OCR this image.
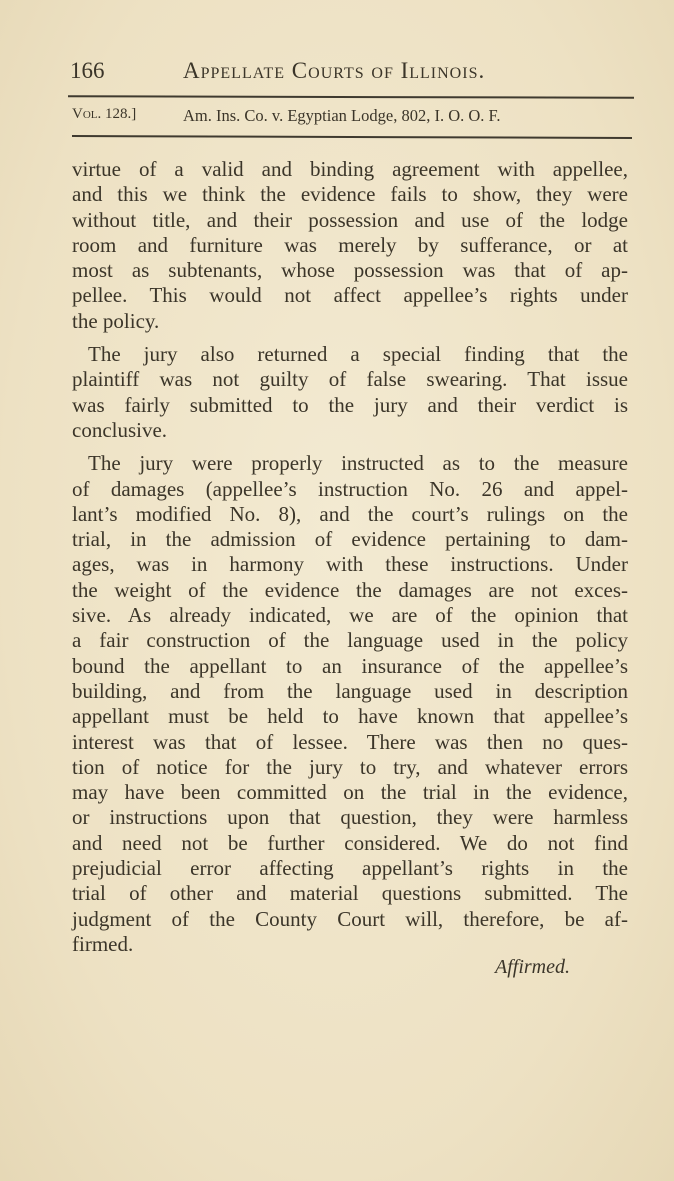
166	Appellate Courts of Illinois.
Vol. 128.]	Am. Ins. Co. v. Egyptian Lodge, 802, I. O. O. F.
virtue of a valid and binding agreement with appellee,
and this we think the evidence fails to show, they were
without title, and their possession and use of the lodge
room and furniture was merely by sufferance, or at
most as subtenants, whose possession was that of ap-
pellee. This would not affect appellee’s rights under
the policy.
The jury also returned a special finding that the
plaintiff was not guilty of false swearing. That issue
was fairly submitted to the jury and their verdict is
conclusive.
The jury were properly instructed as to the measure
of damages (appellee’s instruction No. 26 and appel-
lant’s modified No. 8), and the court’s rulings on the
trial, in the admission of evidence pertaining to dam-
ages, was in harmony with these instructions. Under
the weight of the evidence the damages are not exces-
sive. As already indicated, we are of the opinion that
a fair construction of the language used in the policy
bound the appellant to an insurance of the appellee’s
building, and from the language used in description
appellant must be held to have known that appellee’s
interest was that of lessee. There was then no ques-
tion of notice for the jury to try, and whatever errors
may have been committed on the trial in the evidence,
or instructions upon that question, they were harmless
and need not be further considered. We do not find
prejudicial error affecting appellant’s rights in the
trial of other and material questions submitted. The
judgment of the County Court will, therefore, be af-
firmed.
Affirmed.
